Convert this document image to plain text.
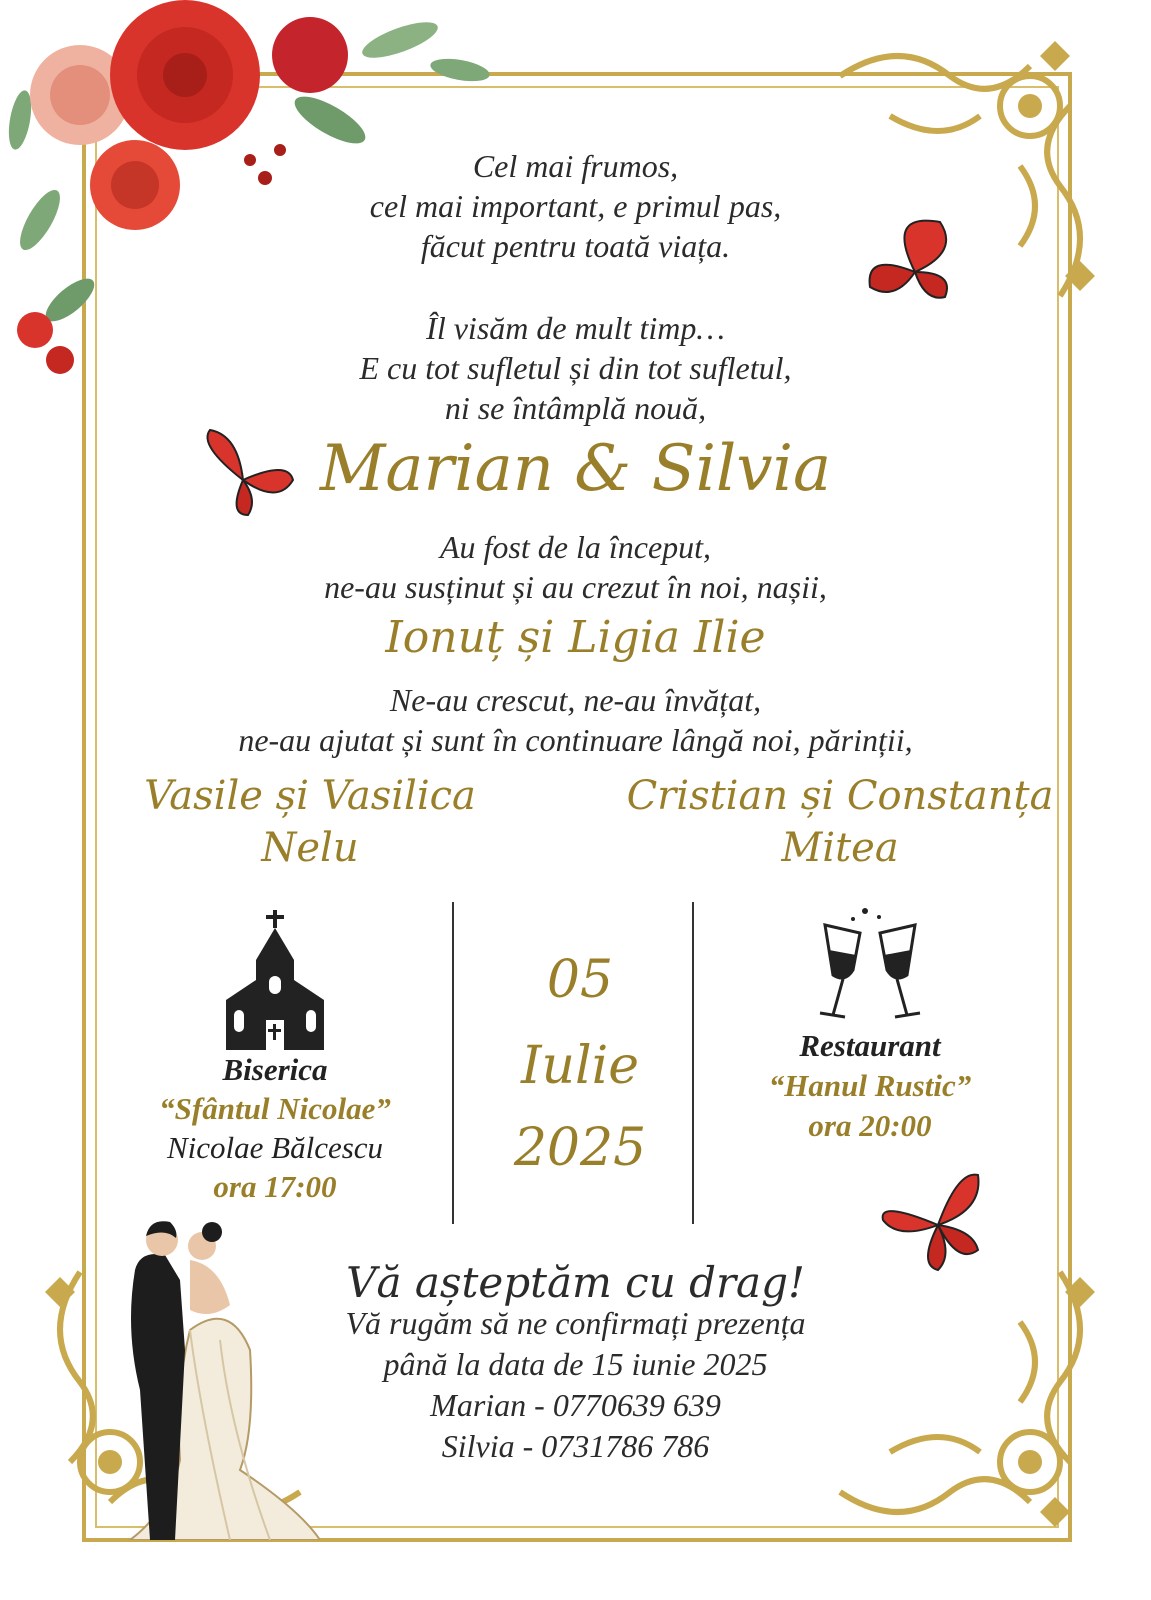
Cel mai frumos,
cel mai important, e primul pas,
făcut pentru toată viața.
Îl visăm de mult timp…
E cu tot sufletul și din tot sufletul,
ni se întâmplă nouă,
Marian & Silvia
Au fost de la început,
ne-au susținut și au crezut în noi, nașii,
Ionuț și Ligia Ilie
Ne-au crescut, ne-au învățat,
ne-au ajutat și sunt în continuare lângă noi, părinții,
Vasile și Vasilica
Nelu
Cristian și Constanța
Mitea
Biserica
“Sfântul Nicolae”
Nicolae Bălcescu
ora 17:00
05
Iulie
2025
Restaurant
“Hanul Rustic”
ora 20:00
Vă așteptăm cu drag!
Vă rugăm să ne confirmați prezența
până la data de 15 iunie 2025
Marian - 0770639 639
Silvia - 0731786 786
